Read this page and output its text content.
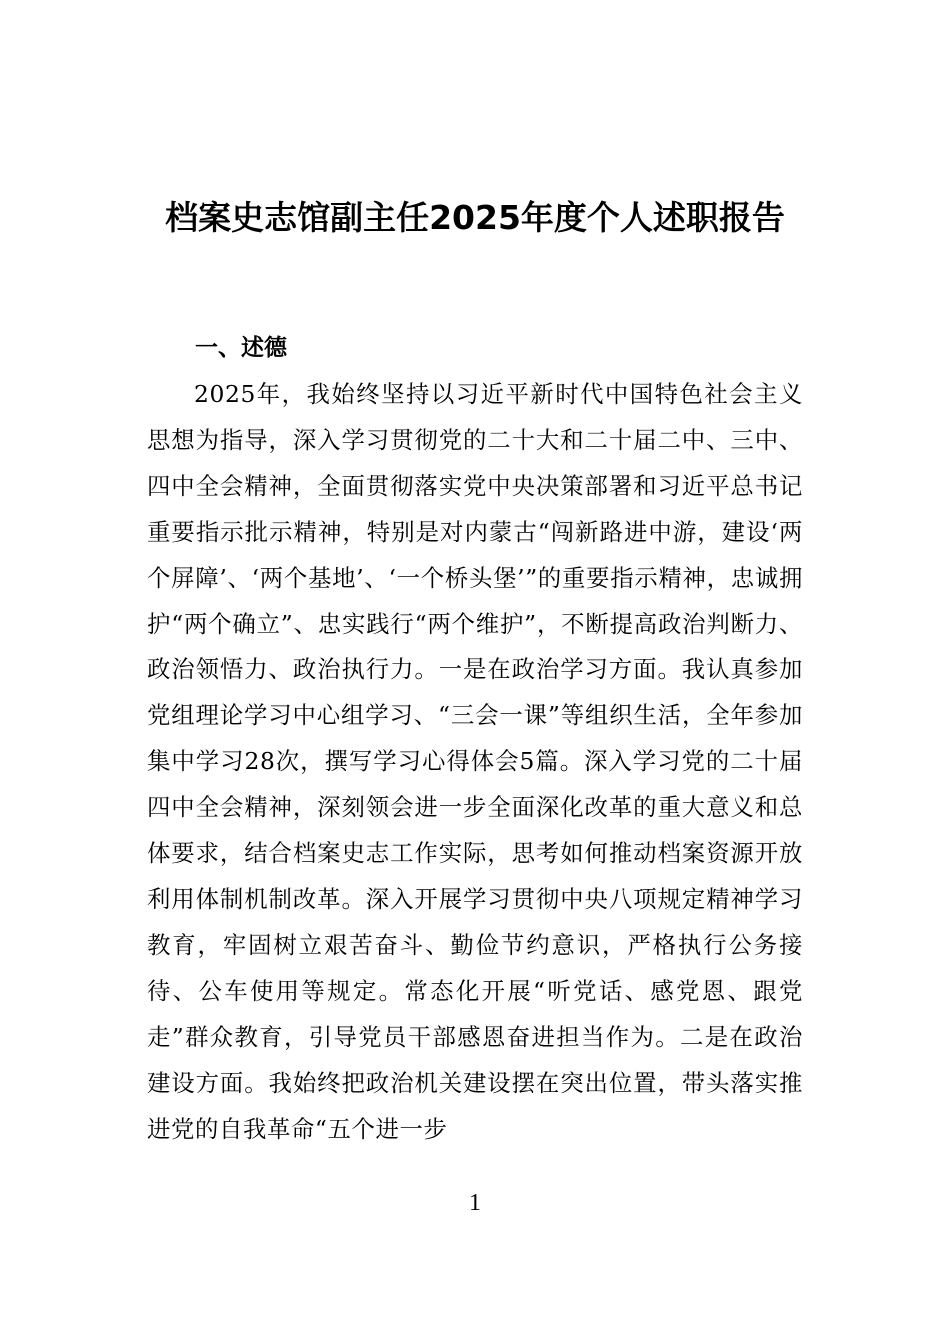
档案史志馆副主任2025年度个人述职报告
一、述德

2025年，我始终坚持以习近平新时代中国特色社会主义思想为指导，深入学习贯彻党的二十大和二十届二中、三中、四中全会精神，全面贯彻落实党中央决策部署和习近平总书记重要指示批示精神，特别是对内蒙古“闯新路进中游，建设‘两个屏障’、‘两个基地’、‘一个桥头堡’”的重要指示精神，忠诚拥护“两个确立”、忠实践行“两个维护”，不断提高政治判断力、政治领悟力、政治执行力。一是在政治学习方面。我认真参加党组理论学习中心组学习、“三会一课”等组织生活，全年参加集中学习28次，撰写学习心得体会5篇。深入学习党的二十届四中全会精神，深刻领会进一步全面深化改革的重大意义和总体要求，结合档案史志工作实际，思考如何推动档案资源开放利用体制机制改革。深入开展学习贯彻中央八项规定精神学习教育，牢固树立艰苦奋斗、勤俭节约意识，严格执行公务接待、公车使用等规定。常态化开展“听党话、感党恩、跟党走”群众教育，引导党员干部感恩奋进担当作为。二是在政治建设方面。我始终把政治机关建设摆在突出位置，带头落实推进党的自我革命“五个进一步

1
